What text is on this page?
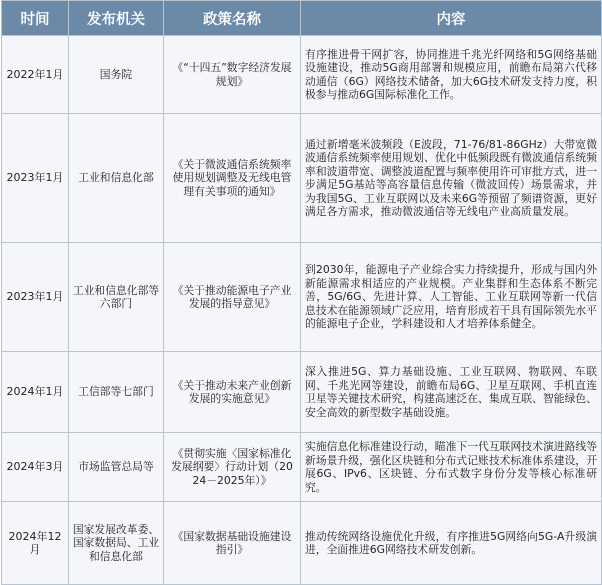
时间	发布机关	政策名称	内容
2022年1月	国务院	《“十四五”数字经济发展规划》	有序推进骨干网扩容，协同推进千兆光纤网络和5G网络基础设施建设，推动5G商用部署和规模应用，前瞻布局第六代移动通信（6G）网络技术储备，加大6G技术研发支持力度，积极参与推动6G国际标准化工作。
2023年1月	工业和信息化部	《关于微波通信系统频率使用规划调整及无线电管理有关事项的通知》	通过新增毫米波频段（E波段，71-76/81-86GHz）大带宽微波通信系统频率使用规划、优化中低频段既有微波通信系统频率和波道带宽、调整波道配置与频率使用许可审批方式，进一步满足5G基站等高容量信息传输（微波回传）场景需求，并为我国5G、工业互联网以及未来6G等预留了频谱资源，更好满足各方需求，推动微波通信等无线电产业高质量发展。
2023年1月	工业和信息化部等六部门	《关于推动能源电子产业发展的指导意见》	到2030年，能源电子产业综合实力持续提升，形成与国内外新能源需求相适应的产业规模。产业集群和生态体系不断完善，5G/6G、先进计算、人工智能、工业互联网等新一代信息技术在能源领域广泛应用，培育形成若干具有国际领先水平的能源电子企业，学科建设和人才培养体系健全。
2024年1月	工信部等七部门	《关于推动未来产业创新发展的实施意见》	深入推进5G、算力基础设施、工业互联网、物联网、车联网、千兆光网等建设，前瞻布局6G、卫星互联网、手机直连卫星等关键技术研究，构建高速泛在、集成互联、智能绿色、安全高效的新型数字基础设施。
2024年3月	市场监管总局等	《贯彻实施〈国家标准化发展纲要〉行动计划（2024－2025年）》	实施信息化标准建设行动，瞄准下一代互联网技术演进路线等新场景升级，强化区块链和分布式记账技术标准体系建设，开展6G、IPv6、区块链、分布式数字身份分发等核心标准研究。
2024年12月	国家发展改革委、国家数据局、工业和信息化部	《国家数据基础设施建设指引》	推动传统网络设施优化升级，有序推进5G网络向5G-A升级演进，全面推进6G网络技术研发创新。
